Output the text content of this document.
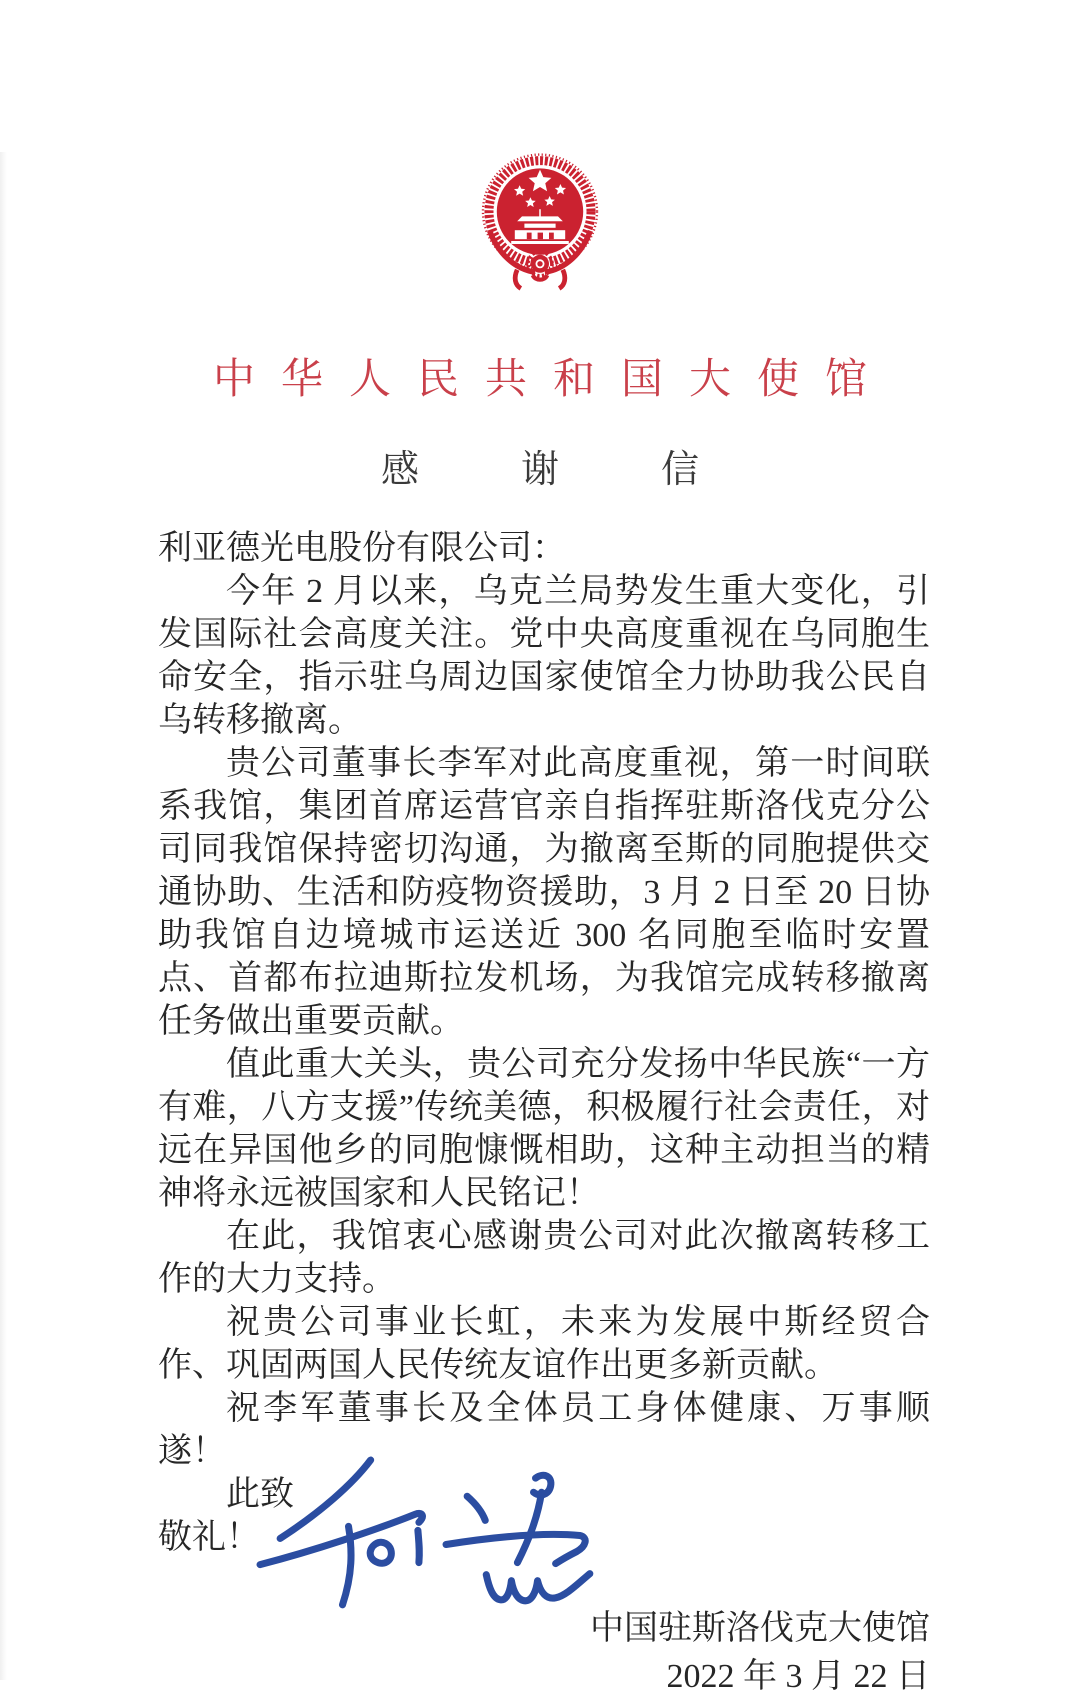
中华人民共和国大使馆
感　谢　信

利亚德光电股份有限公司：

今年 2 月以来，乌克兰局势发生重大变化，引发国际社会高度关注。党中央高度重视在乌同胞生命安全，指示驻乌周边国家使馆全力协助我公民自乌转移撤离。

贵公司董事长李军对此高度重视，第一时间联系我馆，集团首席运营官亲自指挥驻斯洛伐克分公司同我馆保持密切沟通，为撤离至斯的同胞提供交通协助、生活和防疫物资援助，3 月 2 日至 20 日协助我馆自边境城市运送近 300 名同胞至临时安置点、首都布拉迪斯拉发机场，为我馆完成转移撤离任务做出重要贡献。

值此重大关头，贵公司充分发扬中华民族“一方有难，八方支援”传统美德，积极履行社会责任，对远在异国他乡的同胞慷慨相助，这种主动担当的精神将永远被国家和人民铭记！

在此，我馆衷心感谢贵公司对此次撤离转移工作的大力支持。

祝贵公司事业长虹，未来为发展中斯经贸合作、巩固两国人民传统友谊作出更多新贡献。

祝李军董事长及全体员工身体健康、万事顺遂！

此致

敬礼！

中国驻斯洛伐克大使馆
2022 年 3 月 22 日
